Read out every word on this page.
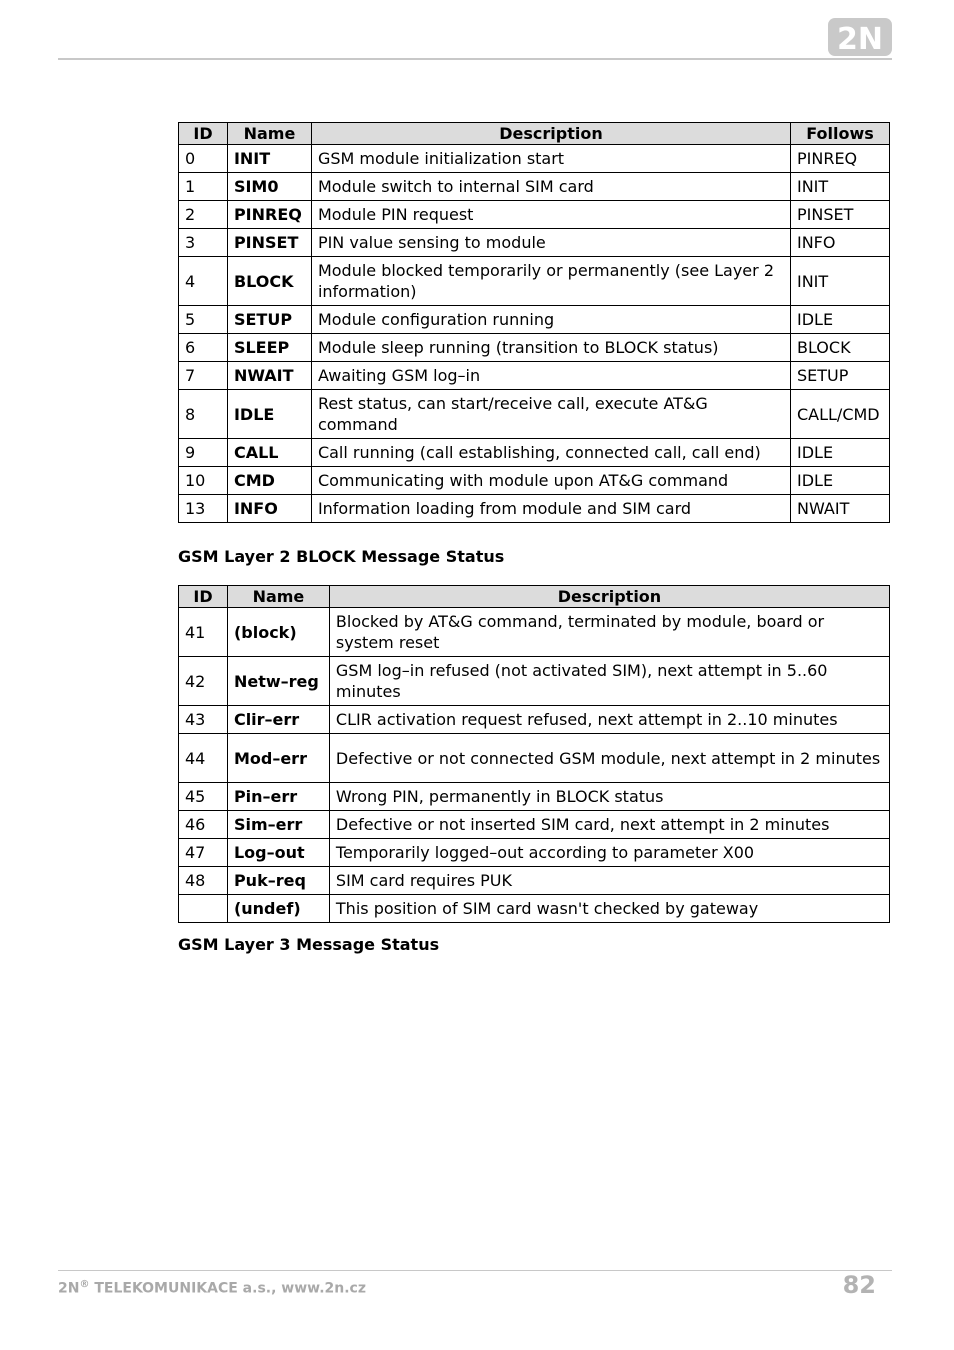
2N
ID	Name	Description	Follows
0	INIT	GSM module initialization start	PINREQ
1	SIM0	Module switch to internal SIM card	INIT
2	PINREQ	Module PIN request	PINSET
3	PINSET	PIN value sensing to module	INFO
4	BLOCK	Module blocked temporarily or permanently (see Layer 2 information)	INIT
5	SETUP	Module configuration running	IDLE
6	SLEEP	Module sleep running (transition to BLOCK status)	BLOCK
7	NWAIT	Awaiting GSM log–in	SETUP
8	IDLE	Rest status, can start/receive call, execute AT&G command	CALL/CMD
9	CALL	Call running (call establishing, connected call, call end)	IDLE
10	CMD	Communicating with module upon AT&G command	IDLE
13	INFO	Information loading from module and SIM card	NWAIT
GSM Layer 2 BLOCK Message Status
ID	Name	Description
41	(block)	Blocked by AT&G command, terminated by module, board or system reset
42	Netw–reg	GSM log–in refused (not activated SIM), next attempt in 5..60 minutes
43	Clir–err	CLIR activation request refused, next attempt in 2..10 minutes
44	Mod–err	Defective or not connected GSM module, next attempt in 2 minutes
45	Pin–err	Wrong PIN, permanently in BLOCK status
46	Sim–err	Defective or not inserted SIM card, next attempt in 2 minutes
47	Log–out	Temporarily logged–out according to parameter X00
48	Puk–req	SIM card requires PUK
	(undef)	This position of SIM card wasn't checked by gateway
GSM Layer 3 Message Status
2N® TELEKOMUNIKACE a.s., www.2n.cz	82
